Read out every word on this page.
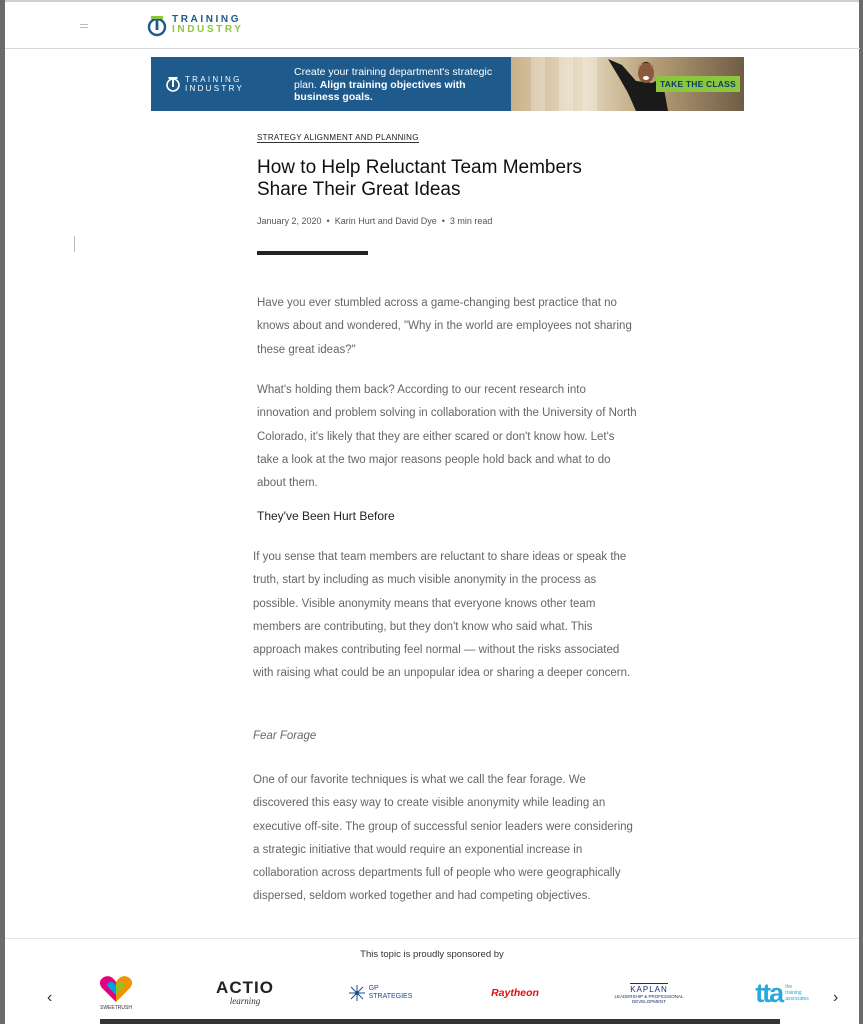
TRAINING
INDUSTRY
TRAINING
INDUSTRY
Create your training department's strategic plan. Align training objectives with business goals.
TAKE THE CLASS
STRATEGY ALIGNMENT AND PLANNING
How to Help Reluctant Team Members Share Their Great Ideas
January 2, 2020 • Karin Hurt and David Dye • 3 min read
Have you ever stumbled across a game-changing best practice that no knows about and wondered, "Why in the world are employees not sharing these great ideas?"
What's holding them back? According to our recent research into innovation and problem solving in collaboration with the University of North Colorado, it's likely that they are either scared or don't know how. Let's take a look at the two major reasons people hold back and what to do about them.
They've Been Hurt Before
If you sense that team members are reluctant to share ideas or speak the truth, start by including as much visible anonymity in the process as possible. Visible anonymity means that everyone knows other team members are contributing, but they don't know who said what. This approach makes contributing feel normal — without the risks associated with raising what could be an unpopular idea or sharing a deeper concern.
Fear Forage
One of our favorite techniques is what we call the fear forage. We discovered this easy way to create visible anonymity while leading an executive off-site. The group of successful senior leaders were considering a strategic initiative that would require an exponential increase in collaboration across departments full of people who were geographically dispersed, seldom worked together and had competing objectives.
This topic is proudly sponsored by
‹	›
SWEETRUSH
ACTIO
learning
GP
STRATEGIES	Raytheon	KAPLAN
LEADERSHIP & PROFESSIONAL DEVELOPMENT	tta the
training
associates
